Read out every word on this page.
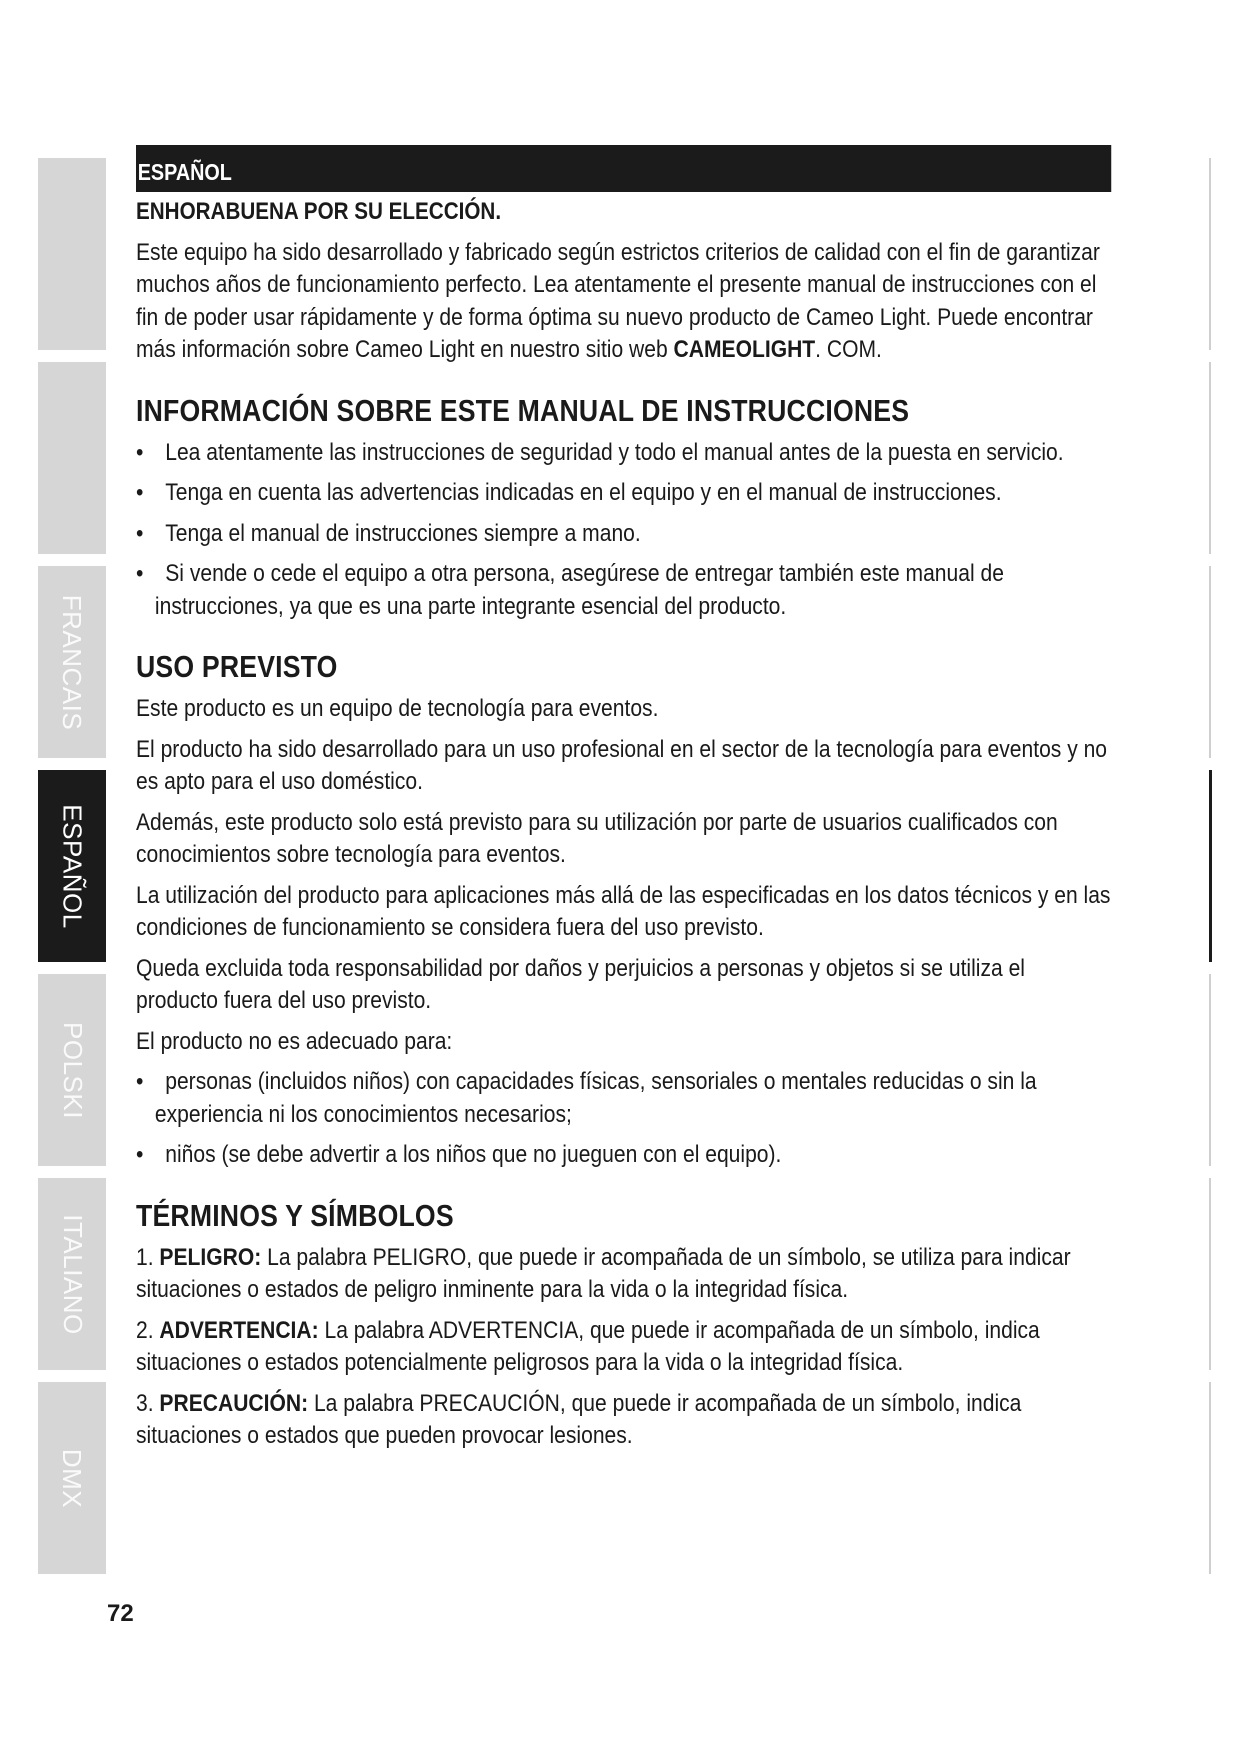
FRANCAIS
ESPAÑOL
POLSKI
ITALIANO
DMX
ESPAÑOL
ENHORABUENA POR SU ELECCIÓN.

Este equipo ha sido desarrollado y fabricado según estrictos criterios de calidad con el fin de garantizar muchos años de funcionamiento perfecto. Lea atentamente el presente manual de instrucciones con el fin de poder usar rápidamente y de forma óptima su nuevo producto de Cameo Light. Puede encontrar más información sobre Cameo Light en nuestro sitio web CAMEOLIGHT. COM.

INFORMACIÓN SOBRE ESTE MANUAL DE INSTRUCCIONES
• Lea atentamente las instrucciones de seguridad y todo el manual antes de la puesta en servicio.
• Tenga en cuenta las advertencias indicadas en el equipo y en el manual de instrucciones.
• Tenga el manual de instrucciones siempre a mano.
• Si vende o cede el equipo a otra persona, asegúrese de entregar también este manual de instrucciones, ya que es una parte integrante esencial del producto.
USO PREVISTO

Este producto es un equipo de tecnología para eventos.

El producto ha sido desarrollado para un uso profesional en el sector de la tecnología para eventos y no es apto para el uso doméstico.

Además, este producto solo está previsto para su utilización por parte de usuarios cualificados con conocimientos sobre tecnología para eventos.

La utilización del producto para aplicaciones más allá de las especificadas en los datos técnicos y en las condiciones de funcionamiento se considera fuera del uso previsto.

Queda excluida toda responsabilidad por daños y perjuicios a personas y objetos si se utiliza el producto fuera del uso previsto.

El producto no es adecuado para:

• personas (incluidos niños) con capacidades físicas, sensoriales o mentales reducidas o sin la experiencia ni los conocimientos necesarios;
• niños (se debe advertir a los niños que no jueguen con el equipo).
TÉRMINOS Y SÍMBOLOS

1. PELIGRO: La palabra PELIGRO, que puede ir acompañada de un símbolo, se utiliza para indicar situaciones o estados de peligro inminente para la vida o la integridad física.

2. ADVERTENCIA: La palabra ADVERTENCIA, que puede ir acompañada de un símbolo, indica situaciones o estados potencialmente peligrosos para la vida o la integridad física.

3. PRECAUCIÓN: La palabra PRECAUCIÓN, que puede ir acompañada de un símbolo, indica situaciones o estados que pueden provocar lesiones.

72
